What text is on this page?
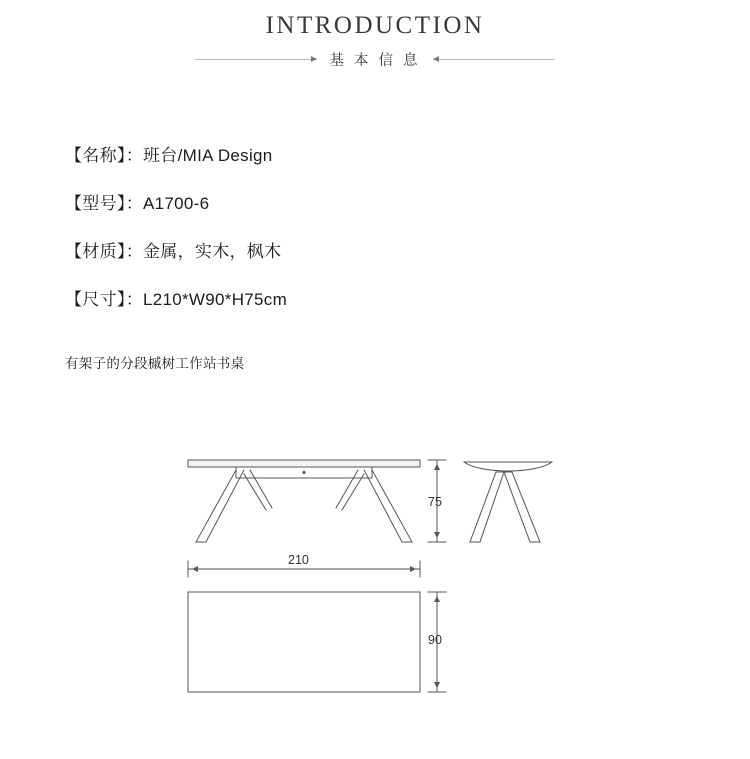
INTRODUCTION
基 本 信 息
【名称】：班台/MIA Design
【型号】：A1700-6
【材质】：金属，实木，枫木
【尺寸】：L210*W90*H75cm
有架子的分段槭树工作站书桌
75
210
90
